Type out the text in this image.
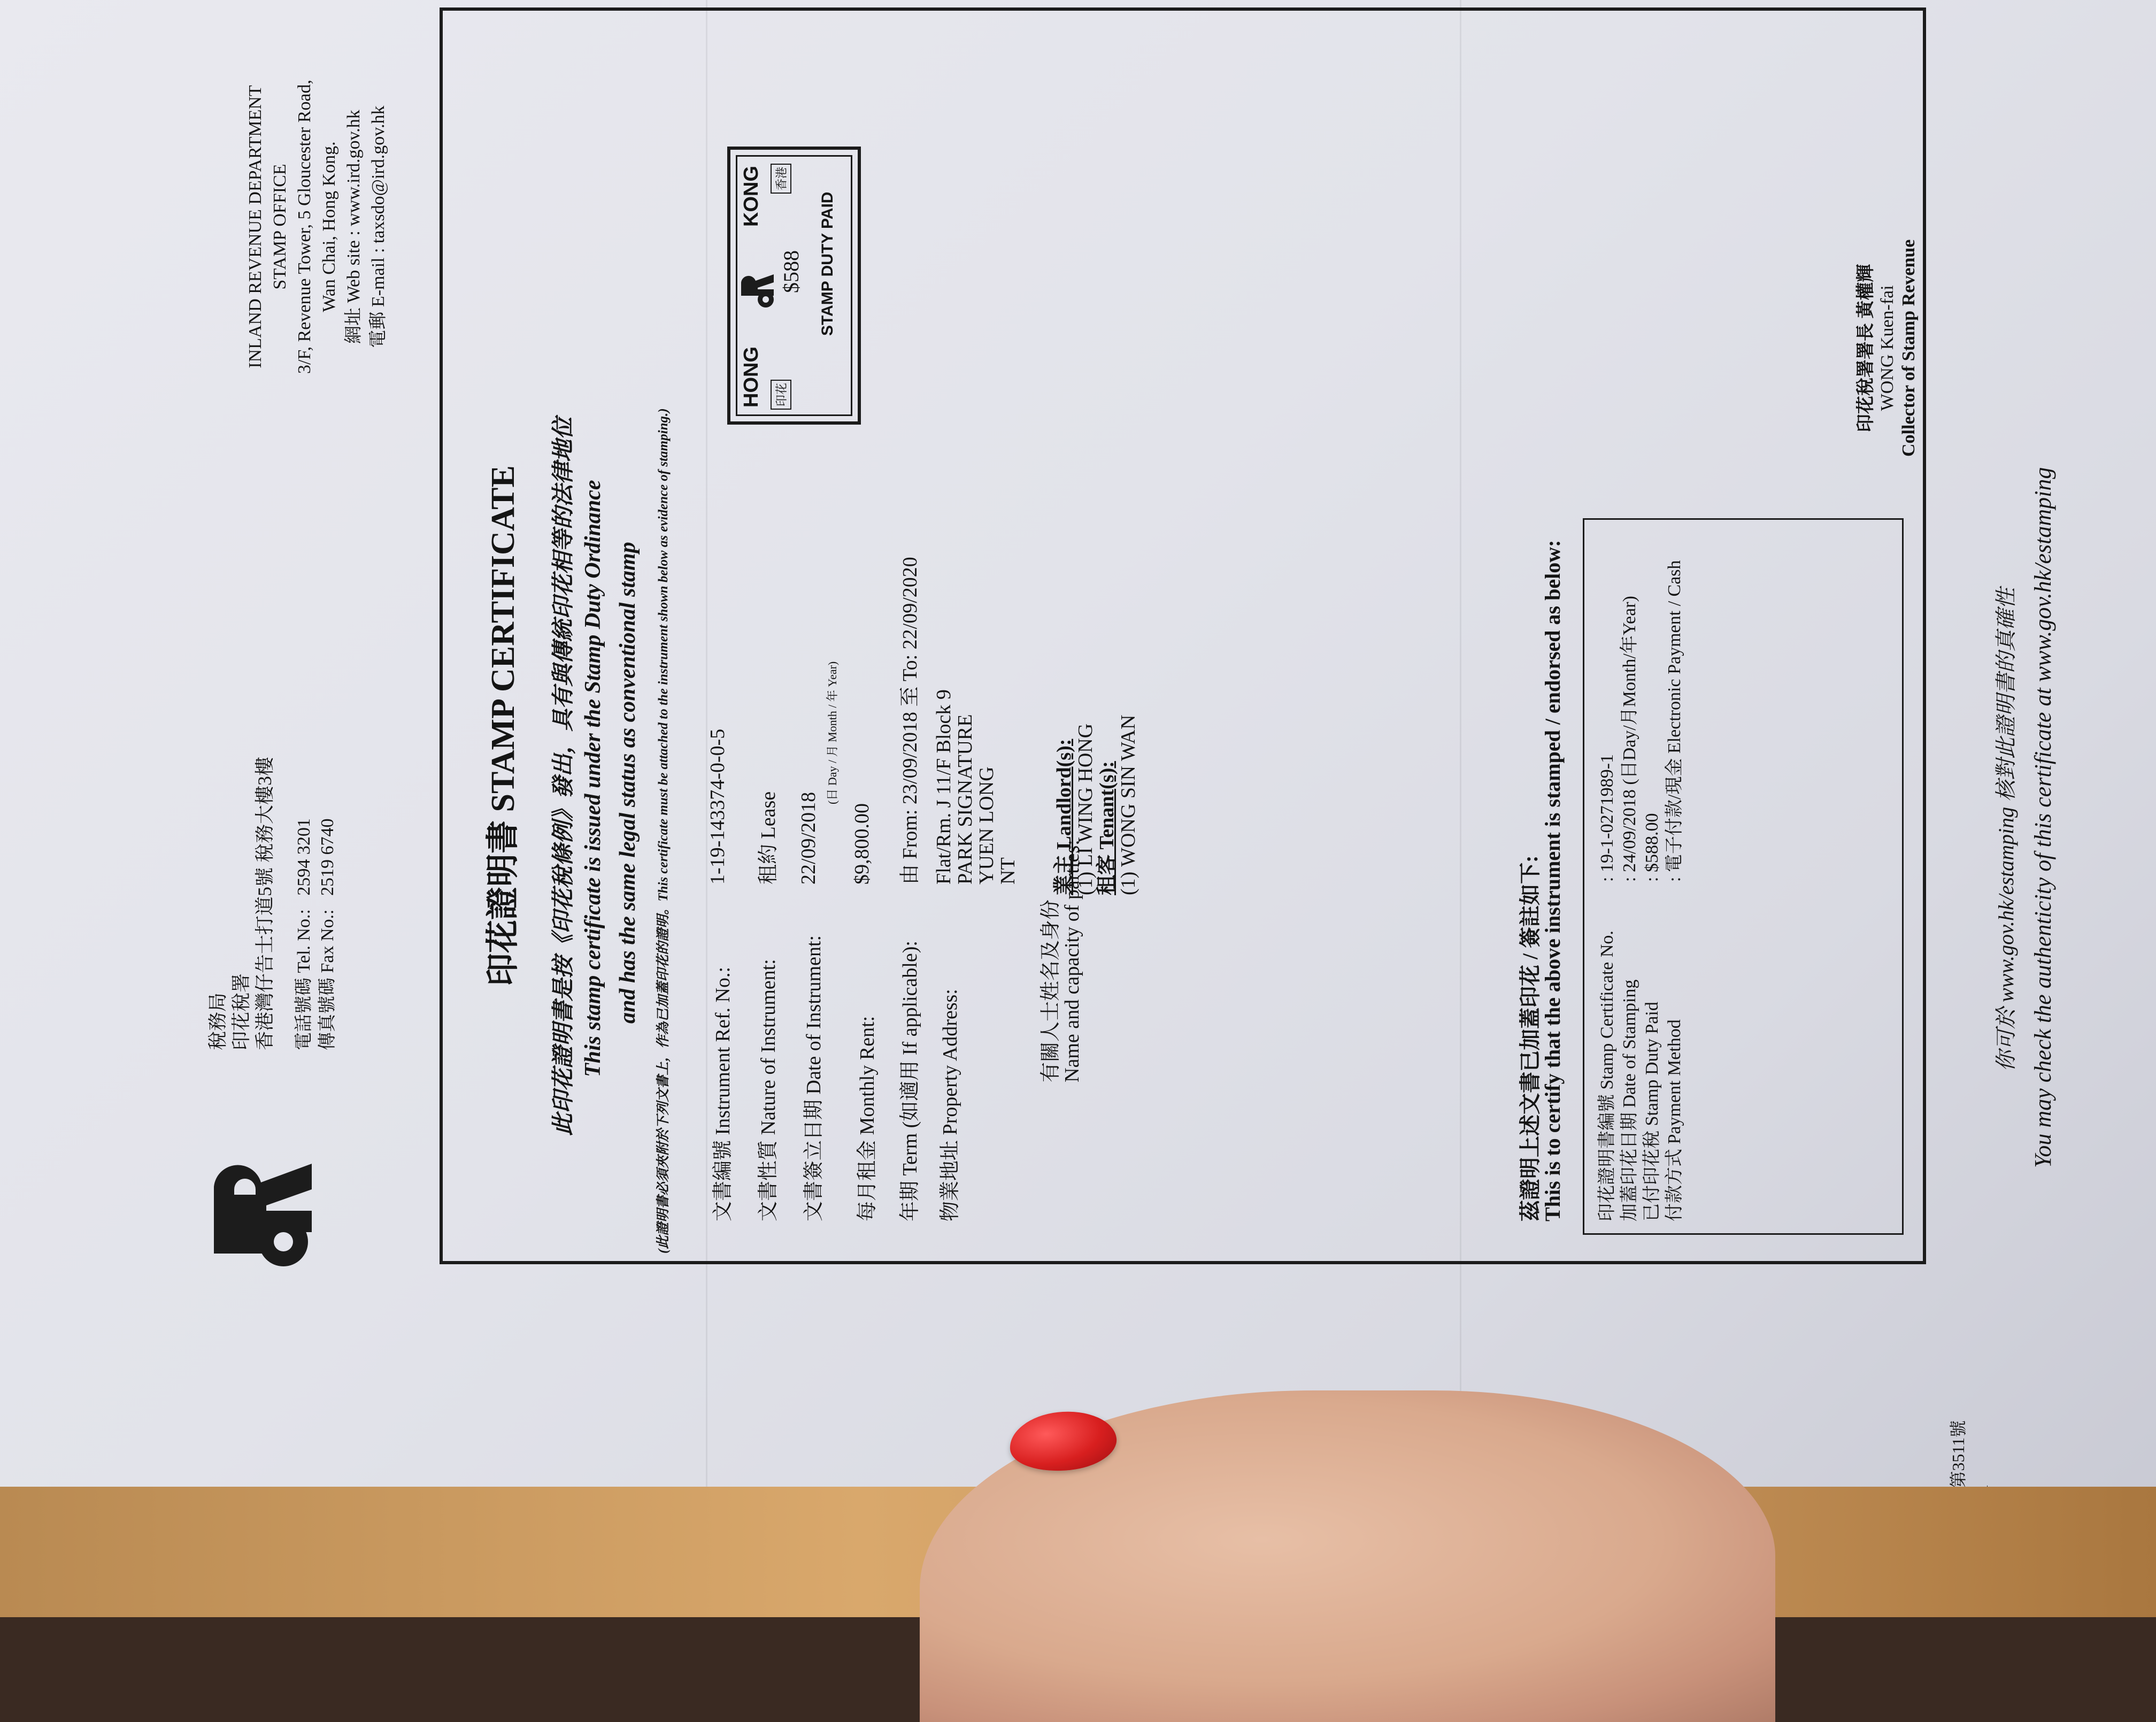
稅務局 印花稅署 香港灣仔告士打道5號 稅務大樓3樓 電話號碼 Tel. No.:   2594 3201
傳真號碼 Fax No.:   2519 6740
INLAND REVENUE DEPARTMENT STAMP OFFICE 3/F, Revenue Tower, 5 Gloucester Road, Wan Chai, Hong Kong. 網址 Web site : www.ird.gov.hk 電郵 E-mail : taxsdo@ird.gov.hk
印花證明書 STAMP CERTIFICATE 此印花證明書是按《印花稅條例》發出，具有與傳統印花相等的法律地位 This stamp certificate is issued under the Stamp Duty Ordinance and has the same legal status as conventional stamp (此證明書必須夾附於下列文書上，作為已加蓋印花的證明。This certificate must be attached to the instrument shown below as evidence of stamping.)
HONG
KONG
印花
$588
香港
STAMP DUTY PAID
文書編號 Instrument Ref. No.:
1-19-143374-0-0-5
文書性質 Nature of Instrument:
租約 Lease
文書簽立日期 Date of Instrument:
22/09/2018
(日 Day / 月 Month / 年 Year)
每月租金 Monthly Rent:
$9,800.00
年期 Term (如適用 If applicable):
由 From: 23/09/2018 至 To: 22/09/2020
物業地址 Property Address:
Flat/Rm. J 11/F Block 9
PARK SIGNATURE
YUEN LONG
NT
有關人士姓名及身份
Name and capacity of parties:
業主 Landlord(s):
(1) LI WING HONG
租客 Tenant(s):
(1) WONG SIN WAN
茲證明上述文書已加蓋印花 / 簽註如下:
This is to certify that the above instrument is stamped / endorsed as below: 印花證明書編號 Stamp Certificate No. 加蓋印花日期 Date of Stamping 已付印花稅 Stamp Duty Paid 付款方式 Payment Method
: 19-1-0271989-1 : 24/09/2018 (日Day/月Month/年Year) : $588.00 : 電子付款/現金 Electronic Payment / Cash
印花稅署署長 黃權輝 WONG Kuen-fai Collector of Stamp Revenue
你可於 www.gov.hk/estamping 核對此證明書的真確性 You may check the authenticity of this certificate at www.gov.hk/estamping
